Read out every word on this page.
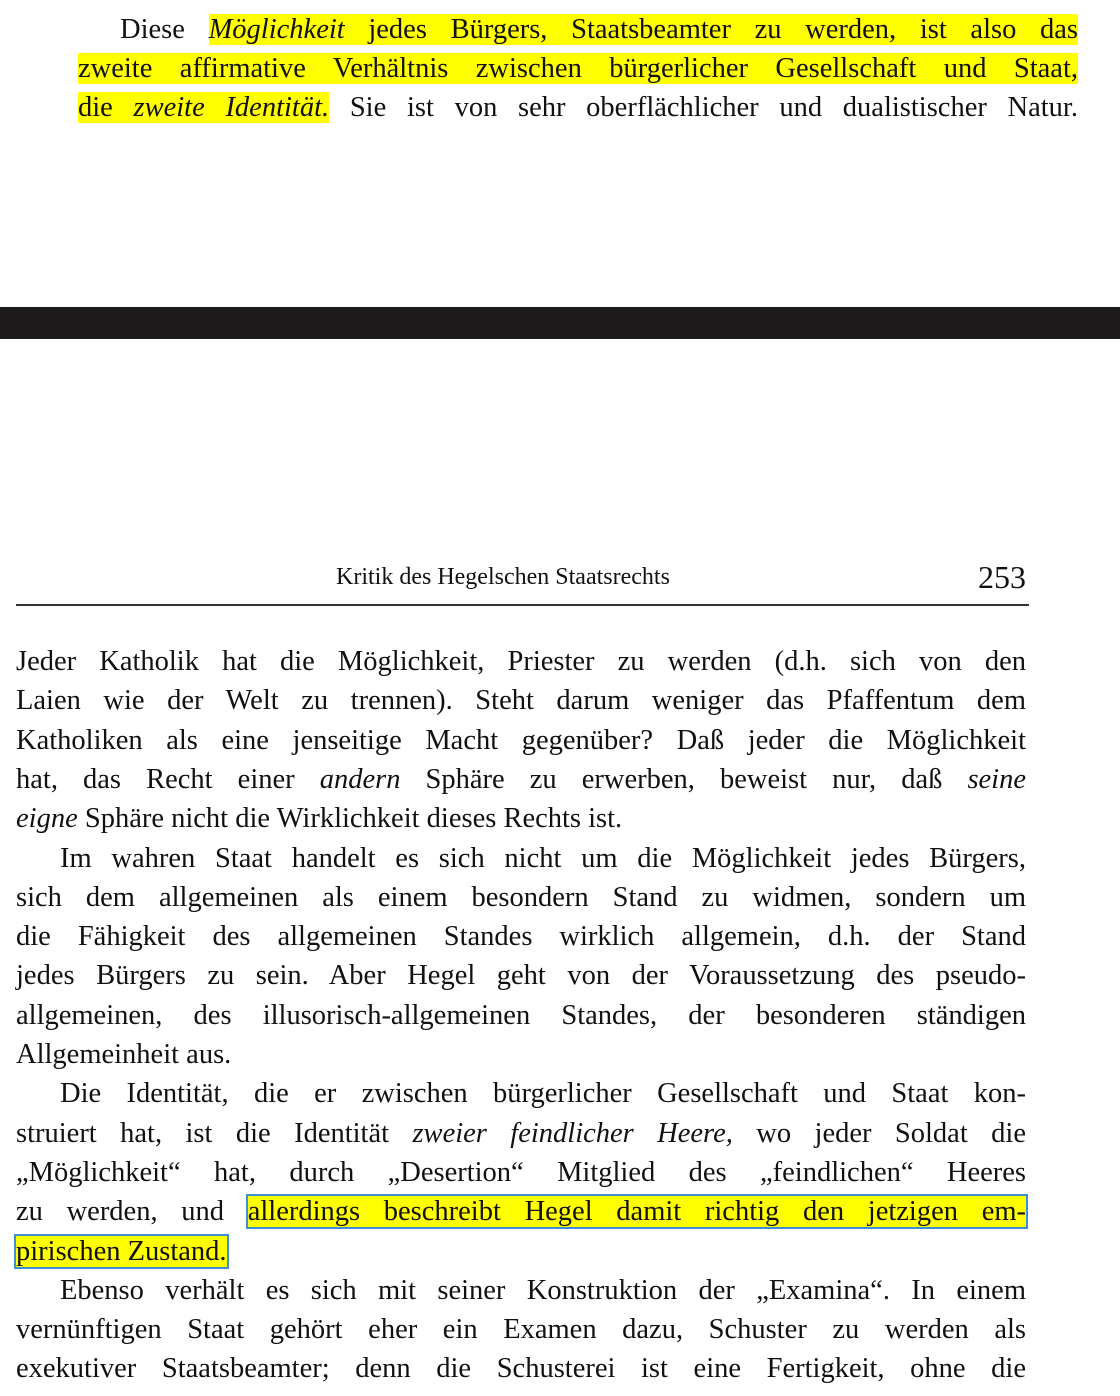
Diese Möglichkeit jedes Bürgers, Staatsbeamter zu werden, ist also das
zweite affirmative Verhältnis zwischen bürgerlicher Gesellschaft und Staat,
die zweite Identität. Sie ist von sehr oberflächlicher und dualistischer Natur.
Kritik des Hegelschen Staatsrechts	253
Jeder Katholik hat die Möglichkeit, Priester zu werden (d.h. sich von den
Laien wie der Welt zu trennen). Steht darum weniger das Pfaffentum dem
Katholiken als eine jenseitige Macht gegenüber? Daß jeder die Möglichkeit
hat, das Recht einer andern Sphäre zu erwerben, beweist nur, daß seine
eigne Sphäre nicht die Wirklichkeit dieses Rechts ist.
Im wahren Staat handelt es sich nicht um die Möglichkeit jedes Bürgers,
sich dem allgemeinen als einem besondern Stand zu widmen, sondern um
die Fähigkeit des allgemeinen Standes wirklich allgemein, d.h. der Stand
jedes Bürgers zu sein. Aber Hegel geht von der Voraussetzung des pseudo-
allgemeinen, des illusorisch-allgemeinen Standes, der besonderen ständigen
Allgemeinheit aus.
Die Identität, die er zwischen bürgerlicher Gesellschaft und Staat kon-
struiert hat, ist die Identität zweier feindlicher Heere, wo jeder Soldat die
„Möglichkeit“ hat, durch „Desertion“ Mitglied des „feindlichen“ Heeres
zu werden, und allerdings beschreibt Hegel damit richtig den jetzigen em-
pirischen Zustand.
Ebenso verhält es sich mit seiner Konstruktion der „Examina“. In einem
vernünftigen Staat gehört eher ein Examen dazu, Schuster zu werden als
exekutiver Staatsbeamter; denn die Schusterei ist eine Fertigkeit, ohne die
